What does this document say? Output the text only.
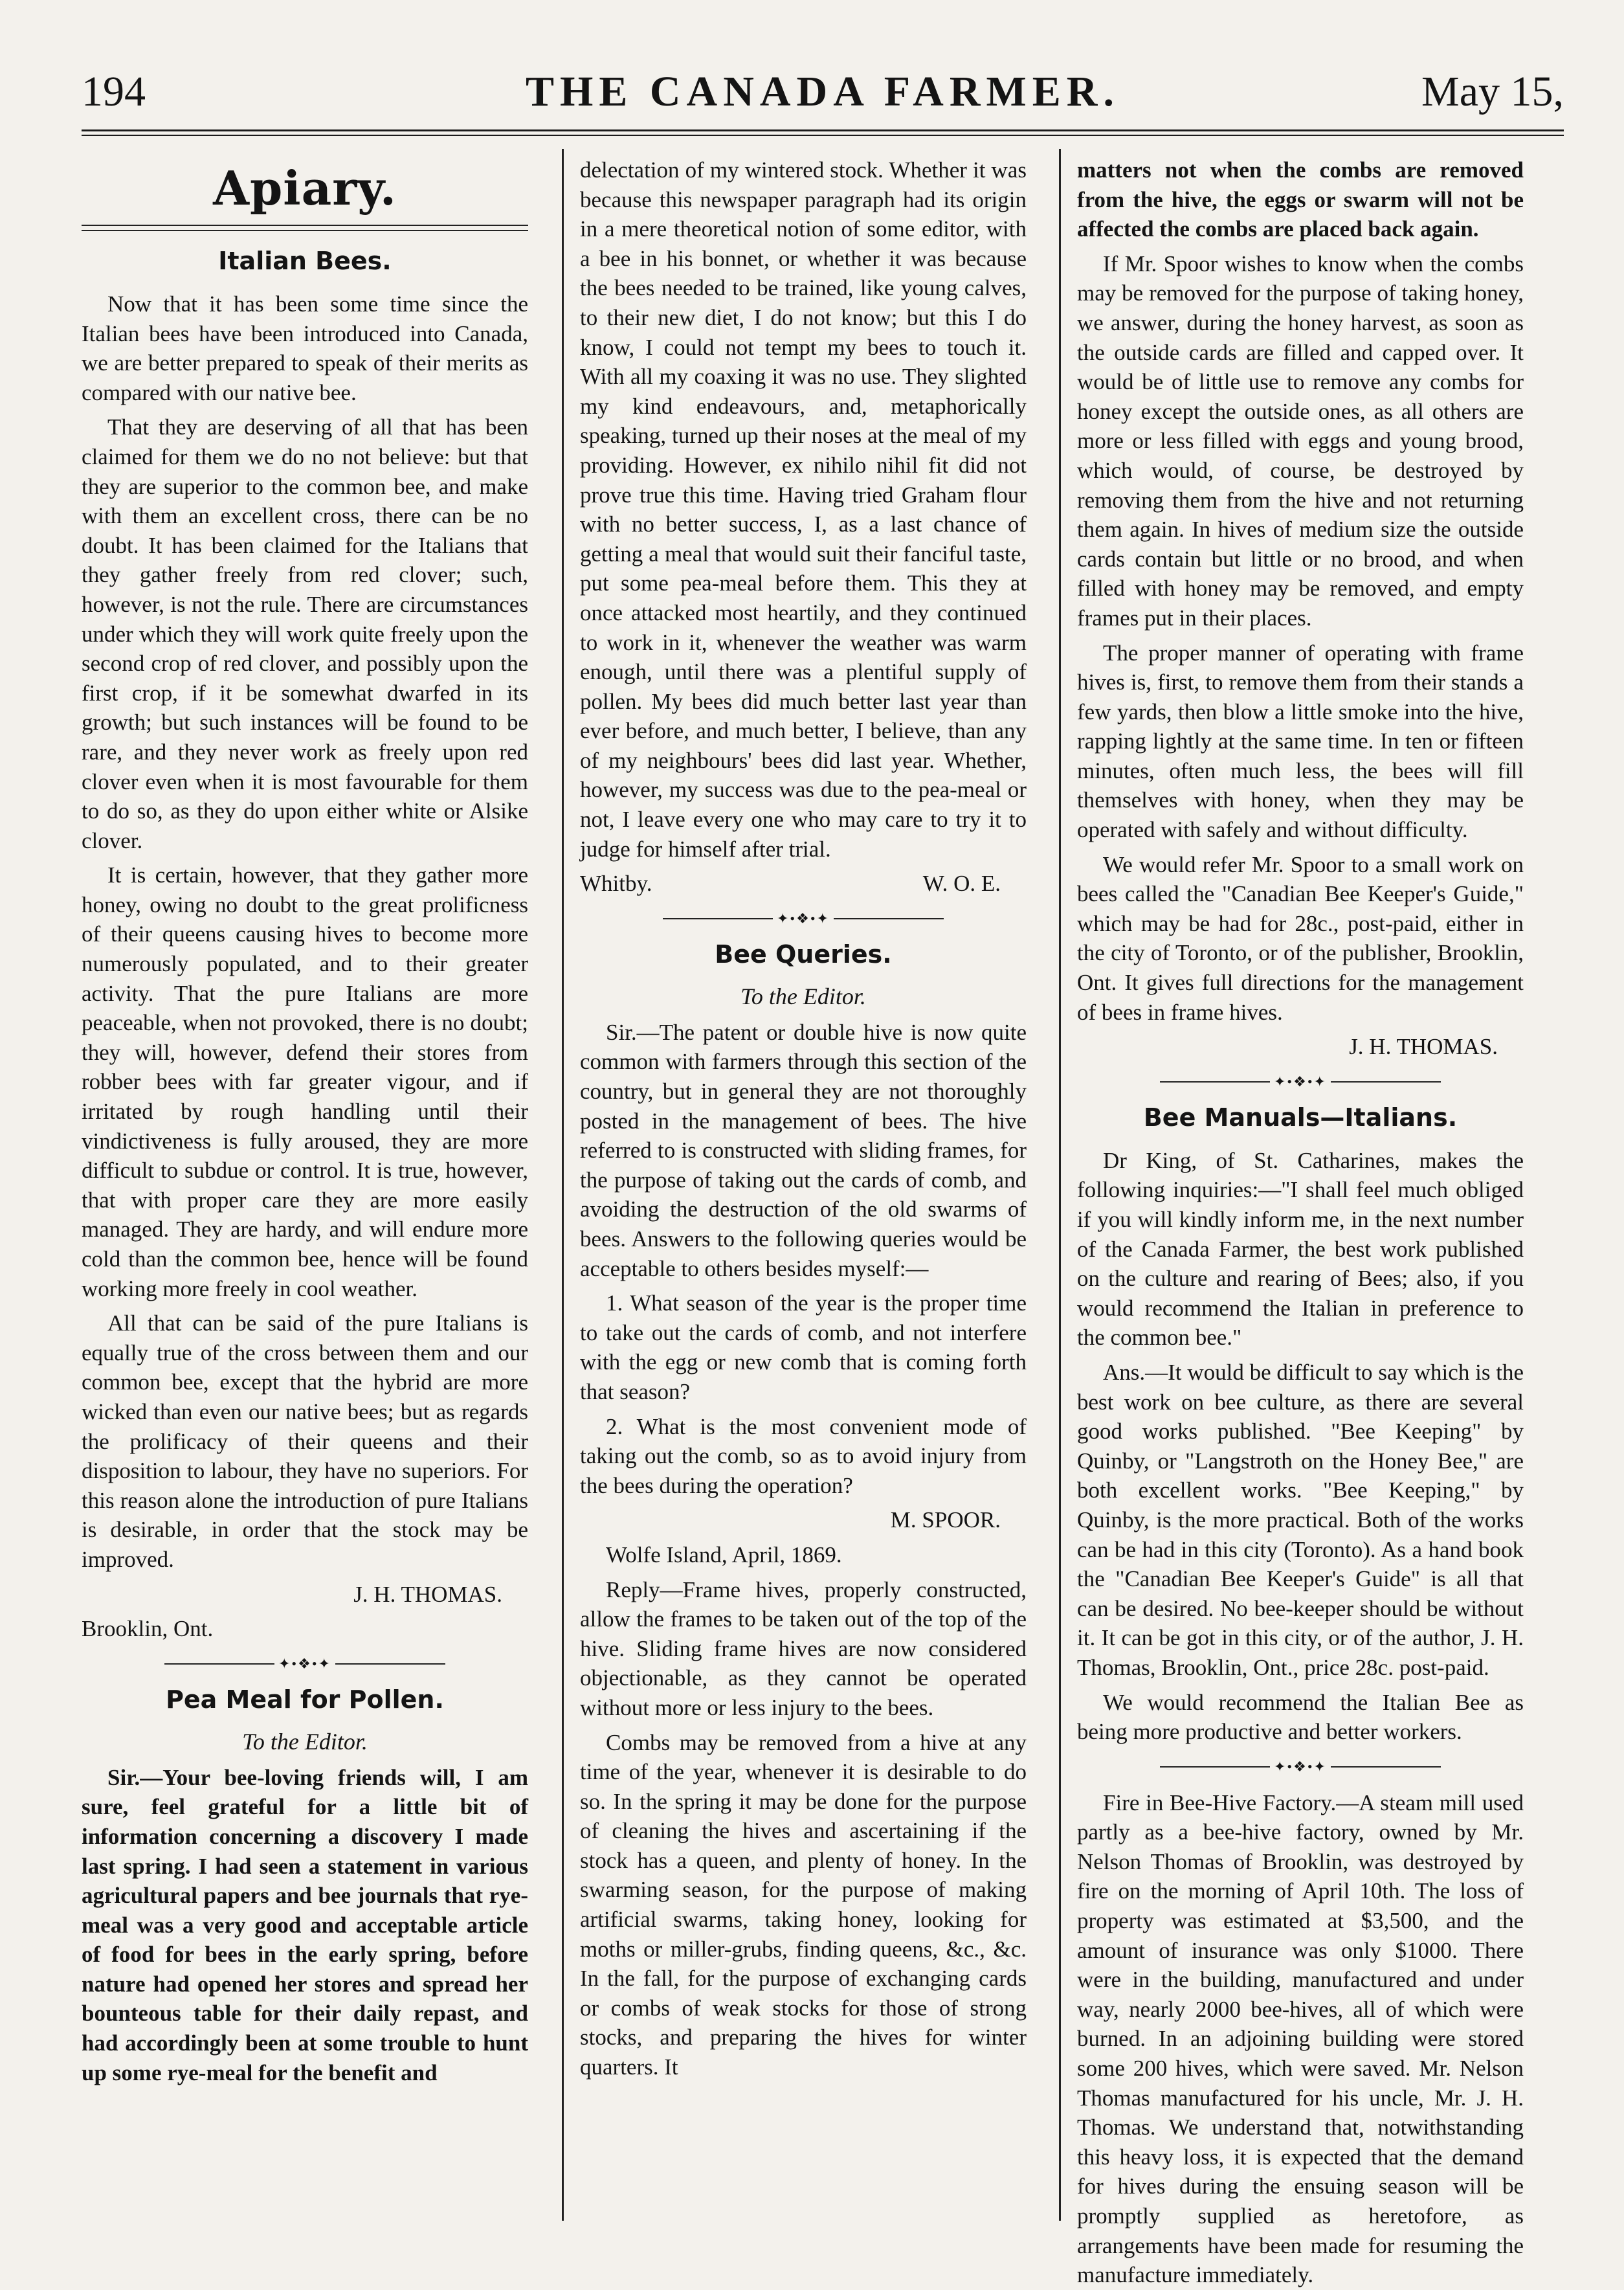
194	THE CANADA FARMER.	May 15,
Apiary.
Italian Bees.

Now that it has been some time since the Italian bees have been introduced into Canada, we are better prepared to speak of their merits as compared with our native bee.

That they are deserving of all that has been claimed for them we do no not believe: but that they are superior to the common bee, and make with them an excellent cross, there can be no doubt. It has been claimed for the Italians that they gather freely from red clover; such, however, is not the rule. There are circumstances under which they will work quite freely upon the second crop of red clover, and possibly upon the first crop, if it be somewhat dwarfed in its growth; but such instances will be found to be rare, and they never work as freely upon red clover even when it is most favourable for them to do so, as they do upon either white or Alsike clover.

It is certain, however, that they gather more honey, owing no doubt to the great prolificness of their queens causing hives to become more numerously populated, and to their greater activity. That the pure Italians are more peaceable, when not provoked, there is no doubt; they will, however, defend their stores from robber bees with far greater vigour, and if irritated by rough handling until their vindictiveness is fully aroused, they are more difficult to subdue or control. It is true, however, that with proper care they are more easily managed. They are hardy, and will endure more cold than the common bee, hence will be found working more freely in cool weather.

All that can be said of the pure Italians is equally true of the cross between them and our common bee, except that the hybrid are more wicked than even our native bees; but as regards the prolificacy of their queens and their disposition to labour, they have no superiors. For this reason alone the introduction of pure Italians is desirable, in order that the stock may be improved.

J. H. THOMAS.

Brooklin, Ont.

✦•❖•✦
Pea Meal for Pollen.
To the Editor.

Sir.—Your bee-loving friends will, I am sure, feel grateful for a little bit of information concerning a discovery I made last spring. I had seen a statement in various agricultural papers and bee journals that rye-meal was a very good and acceptable article of food for bees in the early spring, before nature had opened her stores and spread her bounteous table for their daily repast, and had accordingly been at some trouble to hunt up some rye-meal for the benefit and

delectation of my wintered stock. Whether it was because this newspaper paragraph had its origin in a mere theoretical notion of some editor, with a bee in his bonnet, or whether it was because the bees needed to be trained, like young calves, to their new diet, I do not know; but this I do know, I could not tempt my bees to touch it. With all my coaxing it was no use. They slighted my kind endeavours, and, metaphorically speaking, turned up their noses at the meal of my providing. However, ex nihilo nihil fit did not prove true this time. Having tried Graham flour with no better success, I, as a last chance of getting a meal that would suit their fanciful taste, put some pea-meal before them. This they at once attacked most heartily, and they continued to work in it, whenever the weather was warm enough, until there was a plentiful supply of pollen. My bees did much better last year than ever before, and much better, I believe, than any of my neighbours' bees did last year. Whether, however, my success was due to the pea-meal or not, I leave every one who may care to try it to judge for himself after trial.

Whitby.	W. O. E.

✦•❖•✦
Bee Queries.
To the Editor.

Sir.—The patent or double hive is now quite common with farmers through this section of the country, but in general they are not thoroughly posted in the management of bees. The hive referred to is constructed with sliding frames, for the purpose of taking out the cards of comb, and avoiding the destruction of the old swarms of bees. Answers to the following queries would be acceptable to others besides myself:—

1. What season of the year is the proper time to take out the cards of comb, and not interfere with the egg or new comb that is coming forth that season?

2. What is the most convenient mode of taking out the comb, so as to avoid injury from the bees during the operation?

M. SPOOR.

Wolfe Island, April, 1869.

Reply—Frame hives, properly constructed, allow the frames to be taken out of the top of the hive. Sliding frame hives are now considered objectionable, as they cannot be operated without more or less injury to the bees.

Combs may be removed from a hive at any time of the year, whenever it is desirable to do so. In the spring it may be done for the purpose of cleaning the hives and ascertaining if the stock has a queen, and plenty of honey. In the swarming season, for the purpose of making artificial swarms, taking honey, looking for moths or miller-grubs, finding queens, &c., &c. In the fall, for the purpose of exchanging cards or combs of weak stocks for those of strong stocks, and preparing the hives for winter quarters. It

matters not when the combs are removed from the hive, the eggs or swarm will not be affected the combs are placed back again.

If Mr. Spoor wishes to know when the combs may be removed for the purpose of taking honey, we answer, during the honey harvest, as soon as the outside cards are filled and capped over. It would be of little use to remove any combs for honey except the outside ones, as all others are more or less filled with eggs and young brood, which would, of course, be destroyed by removing them from the hive and not returning them again. In hives of medium size the outside cards contain but little or no brood, and when filled with honey may be removed, and empty frames put in their places.

The proper manner of operating with frame hives is, first, to remove them from their stands a few yards, then blow a little smoke into the hive, rapping lightly at the same time. In ten or fifteen minutes, often much less, the bees will fill themselves with honey, when they may be operated with safely and without difficulty.

We would refer Mr. Spoor to a small work on bees called the "Canadian Bee Keeper's Guide," which may be had for 28c., post-paid, either in the city of Toronto, or of the publisher, Brooklin, Ont. It gives full directions for the management of bees in frame hives.

J. H. THOMAS.

✦•❖•✦
Bee Manuals—Italians.

Dr King, of St. Catharines, makes the following inquiries:—"I shall feel much obliged if you will kindly inform me, in the next number of the Canada Farmer, the best work published on the culture and rearing of Bees; also, if you would recommend the Italian in preference to the common bee."

Ans.—It would be difficult to say which is the best work on bee culture, as there are several good works published. "Bee Keeping" by Quinby, or "Langstroth on the Honey Bee," are both excellent works. "Bee Keeping," by Quinby, is the more practical. Both of the works can be had in this city (Toronto). As a hand book the "Canadian Bee Keeper's Guide" is all that can be desired. No bee-keeper should be without it. It can be got in this city, or of the author, J. H. Thomas, Brooklin, Ont., price 28c. post-paid.

We would recommend the Italian Bee as being more productive and better workers.

✦•❖•✦

Fire in Bee-Hive Factory.—A steam mill used partly as a bee-hive factory, owned by Mr. Nelson Thomas of Brooklin, was destroyed by fire on the morning of April 10th. The loss of property was estimated at $3,500, and the amount of insurance was only $1000. There were in the building, manufactured and under way, nearly 2000 bee-hives, all of which were burned. In an adjoining building were stored some 200 hives, which were saved. Mr. Nelson Thomas manufactured for his uncle, Mr. J. H. Thomas. We understand that, notwithstanding this heavy loss, it is expected that the demand for hives during the ensuing season will be promptly supplied as heretofore, as arrangements have been made for resuming the manufacture immediately.
